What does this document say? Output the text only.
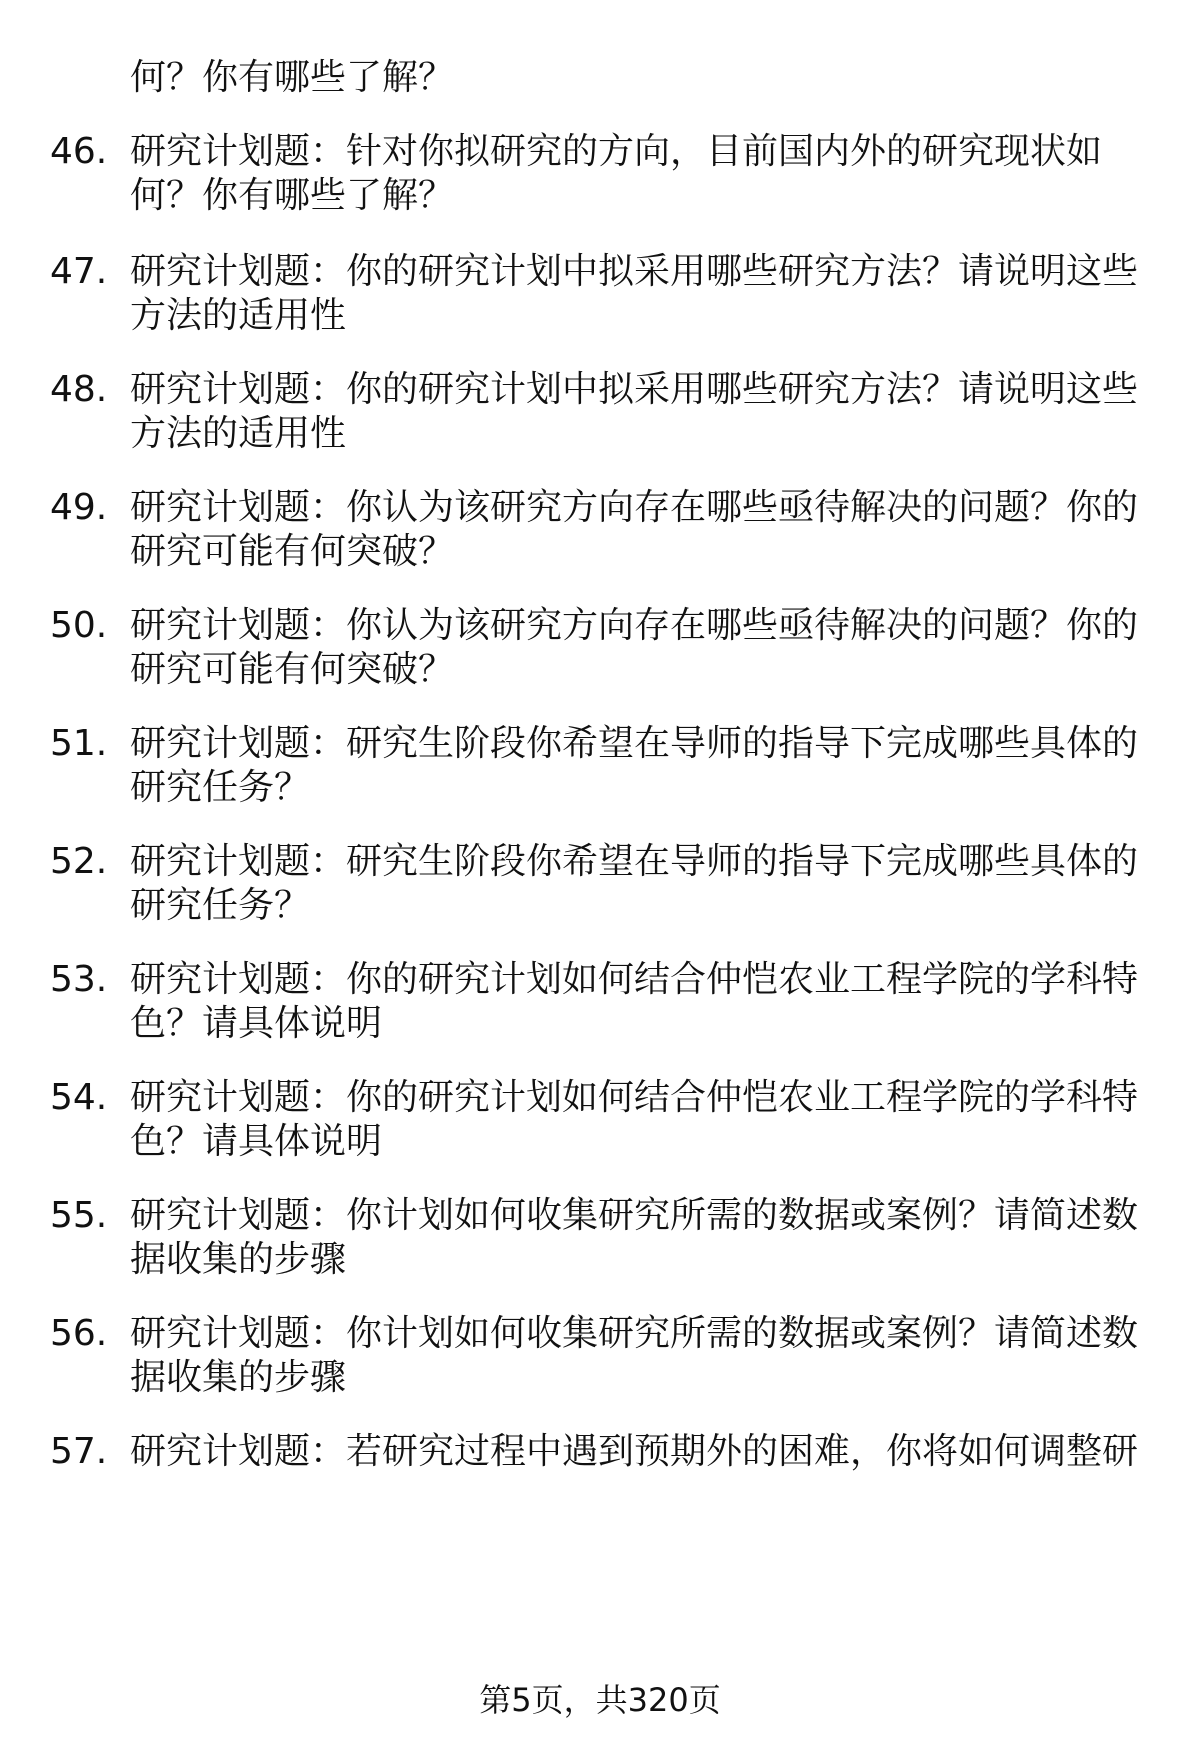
何？你有哪些了解？
46. 研究计划题：针对你拟研究的方向，目前国内外的研究现状如
何？你有哪些了解？
47. 研究计划题：你的研究计划中拟采用哪些研究方法？请说明这些
方法的适用性
48. 研究计划题：你的研究计划中拟采用哪些研究方法？请说明这些
方法的适用性
49. 研究计划题：你认为该研究方向存在哪些亟待解决的问题？你的
研究可能有何突破？
50. 研究计划题：你认为该研究方向存在哪些亟待解决的问题？你的
研究可能有何突破？
51. 研究计划题：研究生阶段你希望在导师的指导下完成哪些具体的
研究任务？
52. 研究计划题：研究生阶段你希望在导师的指导下完成哪些具体的
研究任务？
53. 研究计划题：你的研究计划如何结合仲恺农业工程学院的学科特
色？请具体说明
54. 研究计划题：你的研究计划如何结合仲恺农业工程学院的学科特
色？请具体说明
55. 研究计划题：你计划如何收集研究所需的数据或案例？请简述数
据收集的步骤
56. 研究计划题：你计划如何收集研究所需的数据或案例？请简述数
据收集的步骤
57. 研究计划题：若研究过程中遇到预期外的困难，你将如何调整研
第5页，共320页
